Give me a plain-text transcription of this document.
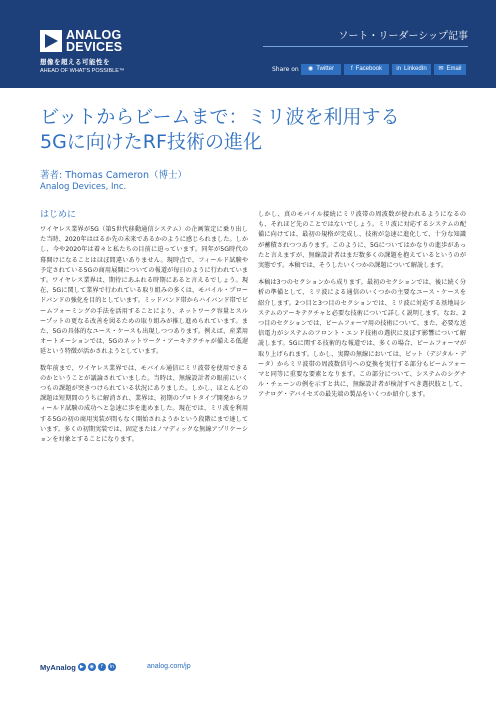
ANALOG
DEVICES
想像を超える可能性を
AHEAD OF WHAT'S POSSIBLE™
ソート・リーダーシップ記事
Share on	◉ Twitter	f Facebook	in LinkedIn	✉ Email
ビットからビームまで：ミリ波を利用する
5Gに向けたRF技術の進化
著者: Thomas Cameron（博士）
Analog Devices, Inc.
はじめに

ワイヤレス業界が5G（第5世代移動通信システム）の企画策定に乗り出した当時、2020年ははるか先の未来であるかのように感じられました。しかし、今や2020年は着々と私たちの目前に迫っています。同年が5G時代の幕開けになることはほぼ間違いありません。現時点で、フィールド試験や予定されている5Gの商用展開についての報道が毎日のように行われています。ワイヤレス業界は、期待にあふれる時期にあると言えるでしょう。現在、5Gに関して業界で行われている取り組みの多くは、モバイル・ブロードバンドの強化を目的としています。ミッドバンド帯からハイバンド帯でビームフォーミングの手法を活用することにより、ネットワーク容量とスループットの更なる改善を図るための取り組みが推し進められています。また、5Gの具体的なユース・ケースも出現しつつあります。例えば、産業用オートメーションでは、5Gのネットワーク・アーキテクチャが備える低遅延という特徴が活かされようとしています。

数年前まで、ワイヤレス業界では、モバイル通信にミリ波帯を使用できるのかということが議論されていました。当時は、無線設計者の眼前にいくつもの課題が突きつけられている状況にありました。しかし、ほとんどの課題は短期間のうちに解消され、業界は、初期のプロトタイプ開発からフィールド試験の成功へと急速に歩を進めました。現在では、ミリ波を利用する5Gの初の商用実装が間もなく開始されようかという段階にまで達しています。多くの初期実装では、固定またはノマディックな無線アプリケーションを対象とすることになります。

しかし、真のモバイル接続にミリ波帯の周波数が使われるようになるのも、それほど先のことではないでしょう。ミリ波に対応するシステムの配備に向けては、最初の規格が完成し、技術が急速に進化して、十分な知識が蓄積されつつあります。このように、5Gについてはかなりの進歩があったと言えますが、無線設計者はまだ数多くの課題を抱えているというのが実態です。本稿では、そうしたいくつかの課題について解説します。

本稿は3つのセクションから成ります。最初のセクションでは、後に続く分析の準備として、ミリ波による通信のいくつかの主要なユース・ケースを紹介します。2つ目と3つ目のセクションでは、ミリ波に対応する基地局システムのアーキテクチャと必要な技術について詳しく説明します。なお、2つ目のセクションでは、ビームフォーマ用の技術について、また、必要な送信電力がシステムのフロント・エンド技術の選択に及ぼす影響について解説します。5Gに関する技術的な報道では、多くの場合、ビームフォーマが取り上げられます。しかし、実際の無線においては、ビット（デジタル・データ）からミリ波帯の周波数信号への変換を実行する部分もビームフォーマと同等に重要な要素となります。この部分について、システムのシグナル・チェーンの例を示すと共に、無線設計者が検討すべき選択肢として、アナログ・デバイセズの最先端の製品をいくつか紹介します。

MyAnalog ▶	◉	f	in	analog.com/jp
